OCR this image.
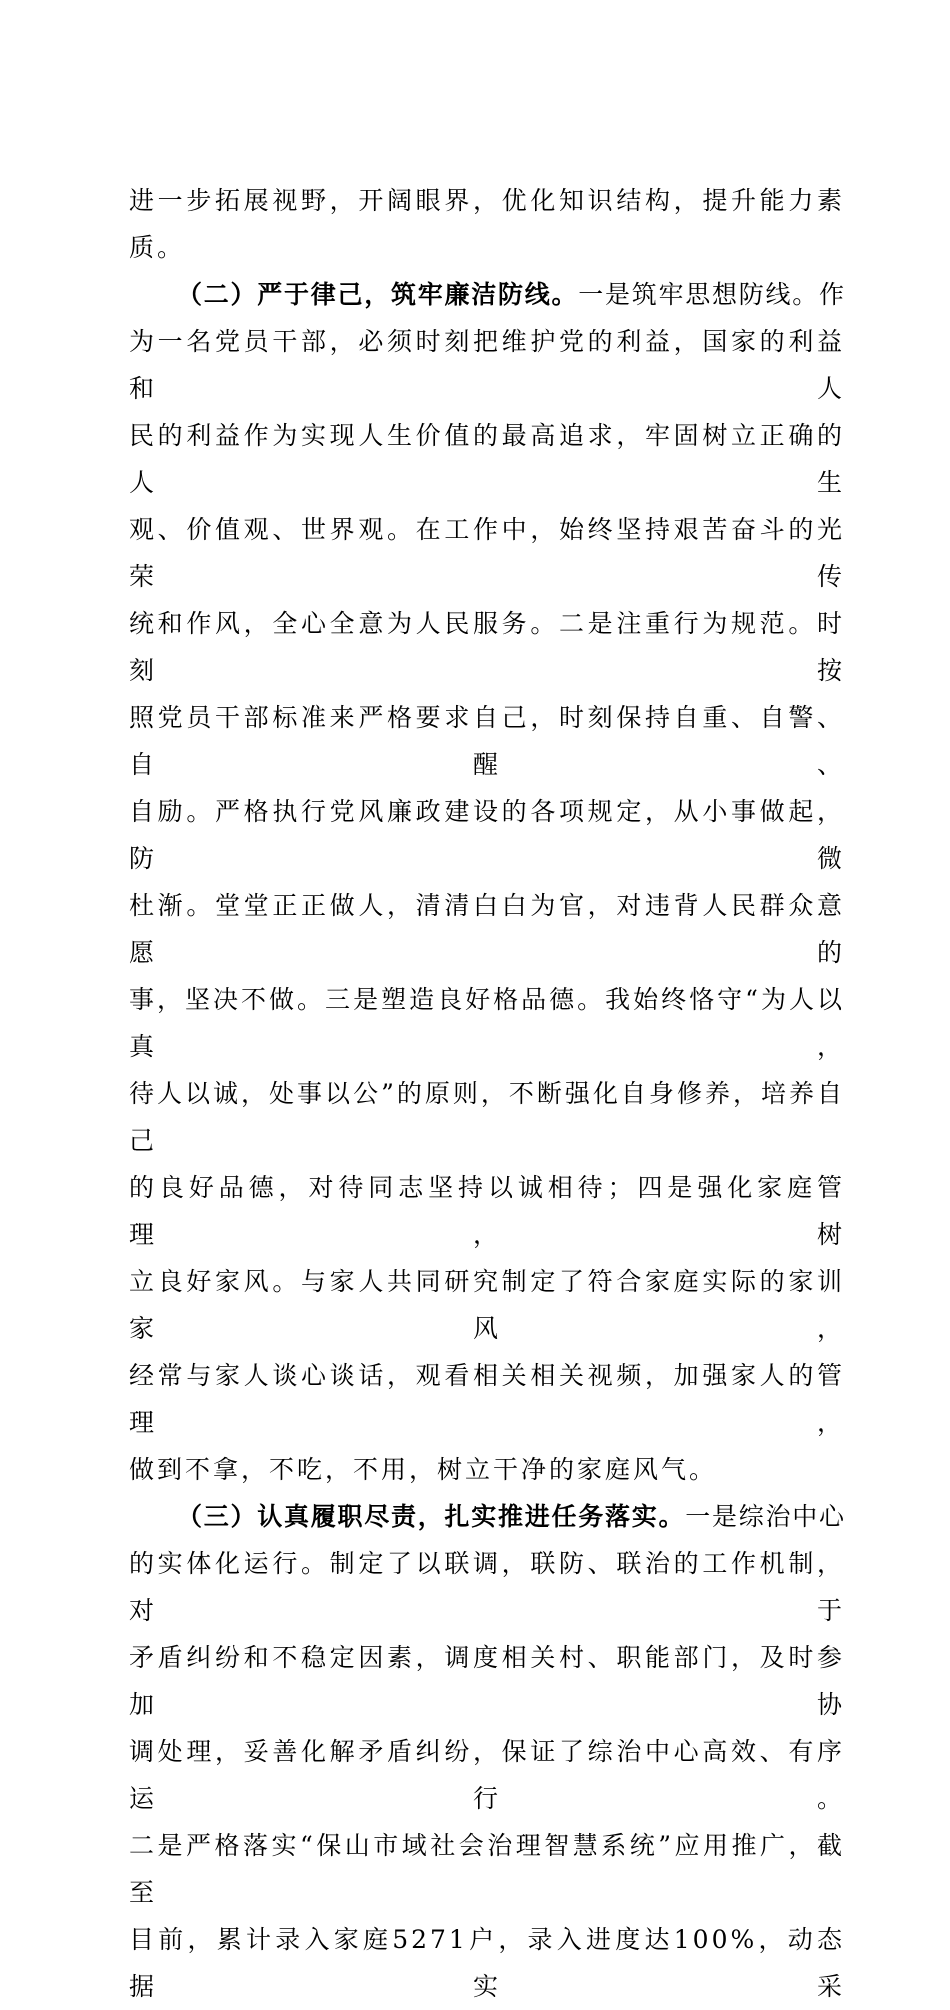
进一步拓展视野，开阔眼界，优化知识结构，提升能力素质。
（二）严于律己，筑牢廉洁防线。一是筑牢思想防线。作
为一名党员干部，必须时刻把维护党的利益，国家的利益和人
民的利益作为实现人生价值的最高追求，牢固树立正确的人生
观、价值观、世界观。在工作中，始终坚持艰苦奋斗的光荣传
统和作风，全心全意为人民服务。二是注重行为规范。时刻按
照党员干部标准来严格要求自己，时刻保持自重、自警、自醒、
自励。严格执行党风廉政建设的各项规定，从小事做起，防微
杜渐。堂堂正正做人，清清白白为官，对违背人民群众意愿的
事，坚决不做。三是塑造良好格品德。我始终恪守“为人以真，
待人以诚，处事以公”的原则，不断强化自身修养，培养自己
的良好品德，对待同志坚持以诚相待；四是强化家庭管理，树
立良好家风。与家人共同研究制定了符合家庭实际的家训家风，
经常与家人谈心谈话，观看相关相关视频，加强家人的管理，
做到不拿，不吃，不用，树立干净的家庭风气。
（三）认真履职尽责，扎实推进任务落实。一是综治中心
的实体化运行。制定了以联调，联防、联治的工作机制，对于
矛盾纠纷和不稳定因素，调度相关村、职能部门，及时参加协
调处理，妥善化解矛盾纠纷，保证了综治中心高效、有序运行。
二是严格落实“保山市域社会治理智慧系统”应用推广，截至
目前，累计录入家庭5271户，录入进度达100%，动态据实采
